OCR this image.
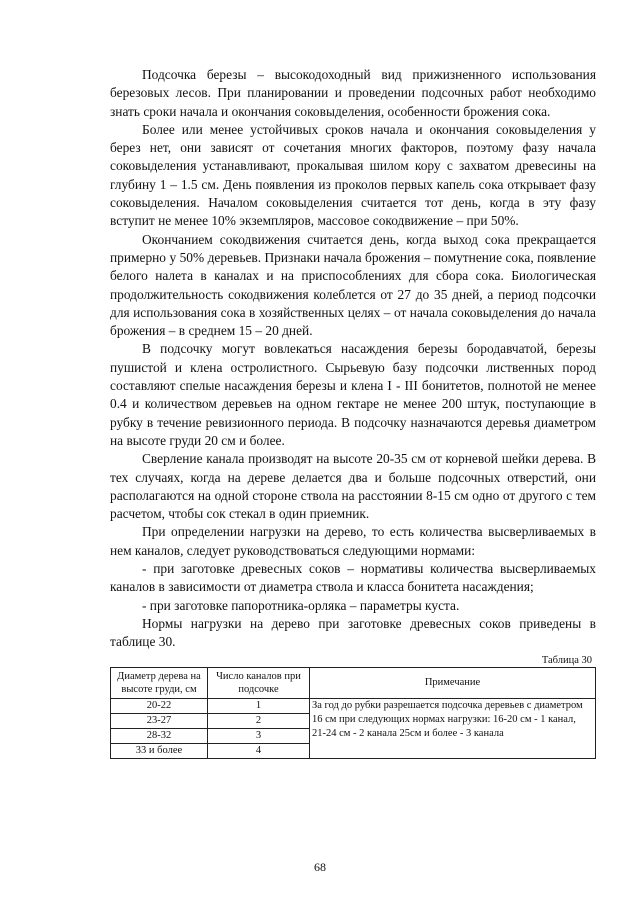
Подсочка березы – высокодоходный вид прижизненного использования березовых лесов. При планировании и проведении подсочных работ необходимо знать сроки начала и окончания соковыделения, особенности брожения сока.

Более или менее устойчивых сроков начала и окончания соковыделения у берез нет, они зависят от сочетания многих факторов, поэтому фазу начала соковыделения устанавливают, прокалывая шилом кору с захватом древесины на глубину 1 – 1.5 см. День появления из проколов первых капель сока открывает фазу соковыделения. Началом соковыделения считается тот день, когда в эту фазу вступит не менее 10% экземпляров, массовое сокодвижение – при 50%.

Окончанием сокодвижения считается день, когда выход сока прекращается примерно у 50% деревьев. Признаки начала брожения – помутнение сока, появление белого налета в каналах и на приспособлениях для сбора сока. Биологическая продолжительность сокодвижения колеблется от 27 до 35 дней, а период подсочки для использования сока в хозяйственных целях – от начала соковыделения до начала брожения – в среднем 15 – 20 дней.

В подсочку могут вовлекаться насаждения березы бородавчатой, березы пушистой и клена остролистного. Сырьевую базу подсочки лиственных пород составляют спелые насаждения березы и клена I - III бонитетов, полнотой не менее 0.4 и количеством деревьев на одном гектаре не менее 200 штук, поступающие в рубку в течение ревизионного периода. В подсочку назначаются деревья диаметром на высоте груди 20 см и более.

Сверление канала производят на высоте 20-35 см от корневой шейки дерева. В тех случаях, когда на дереве делается два и больше подсочных отверстий, они располагаются на одной стороне ствола на расстоянии 8-15 см одно от другого с тем расчетом, чтобы сок стекал в один приемник.

При определении нагрузки на дерево, то есть количества высверливаемых в нем каналов, следует руководствоваться следующими нормами:

- при заготовке древесных соков – нормативы количества высверливаемых каналов в зависимости от диаметра ствола и класса бонитета насаждения;

- при заготовке папоротника-орляка – параметры куста.

Нормы нагрузки на дерево при заготовке древесных соков приведены в таблице 30.

Таблица 30
Диаметр дерева на высоте груди, см	Число каналов при подсочке	Примечание
20-22	1	За год до рубки разрешается подсочка деревьев с диаметром 16 см при следующих нормах нагрузки: 16-20 см - 1 канал, 21-24 см - 2 канала 25см и более - 3 канала
23-27	2	
28-32	3	
33 и более	4	
68
